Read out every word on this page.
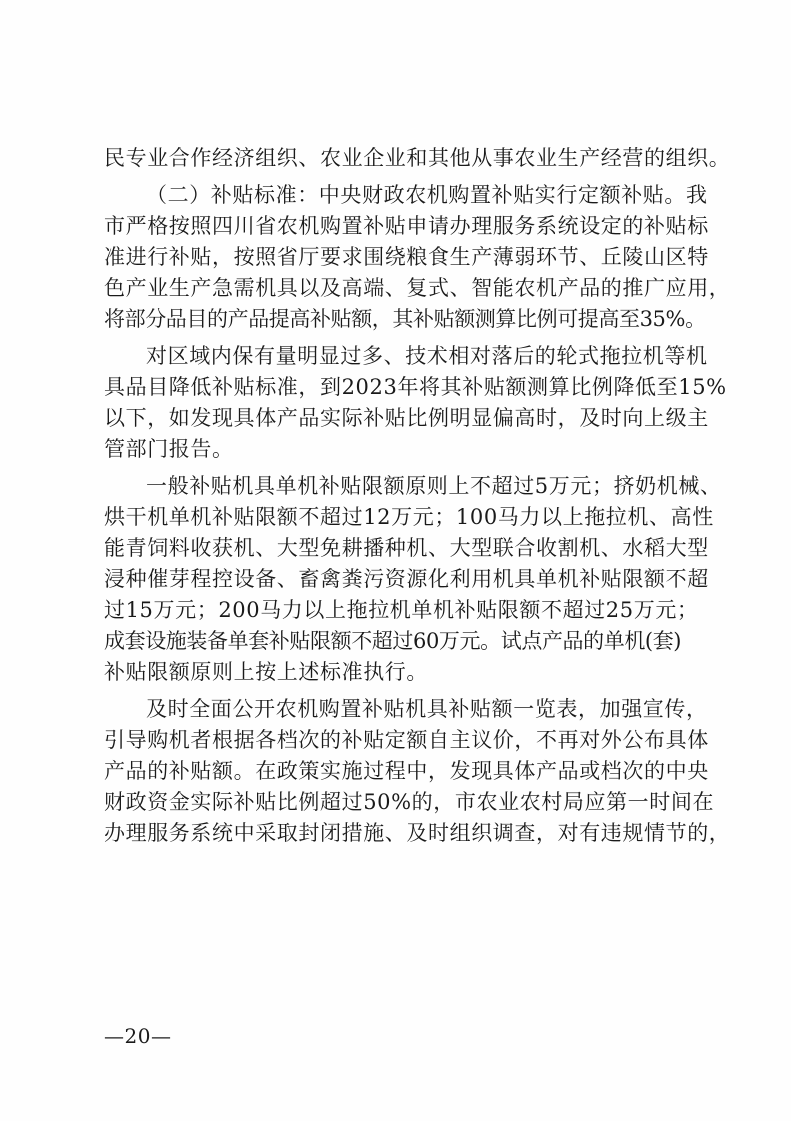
民专业合作经济组织、农业企业和其他从事农业生产经营的组织。
（二）补贴标准：中央财政农机购置补贴实行定额补贴。我
市严格按照四川省农机购置补贴申请办理服务系统设定的补贴标
准进行补贴，按照省厅要求围绕粮食生产薄弱环节、丘陵山区特
色产业生产急需机具以及高端、复式、智能农机产品的推广应用，
将部分品目的产品提高补贴额，其补贴额测算比例可提高至35%。
对区域内保有量明显过多、技术相对落后的轮式拖拉机等机
具品目降低补贴标准，到2023年将其补贴额测算比例降低至15%
以下，如发现具体产品实际补贴比例明显偏高时，及时向上级主
管部门报告。
一般补贴机具单机补贴限额原则上不超过5万元；挤奶机械、
烘干机单机补贴限额不超过12万元；100马力以上拖拉机、高性
能青饲料收获机、大型免耕播种机、大型联合收割机、水稻大型
浸种催芽程控设备、畜禽粪污资源化利用机具单机补贴限额不超
过15万元；200马力以上拖拉机单机补贴限额不超过25万元；
成套设施装备单套补贴限额不超过60万元。试点产品的单机(套)
补贴限额原则上按上述标准执行。
及时全面公开农机购置补贴机具补贴额一览表，加强宣传，
引导购机者根据各档次的补贴定额自主议价，不再对外公布具体
产品的补贴额。在政策实施过程中，发现具体产品或档次的中央
财政资金实际补贴比例超过50%的，市农业农村局应第一时间在
办理服务系统中采取封闭措施、及时组织调查，对有违规情节的，
—20—
